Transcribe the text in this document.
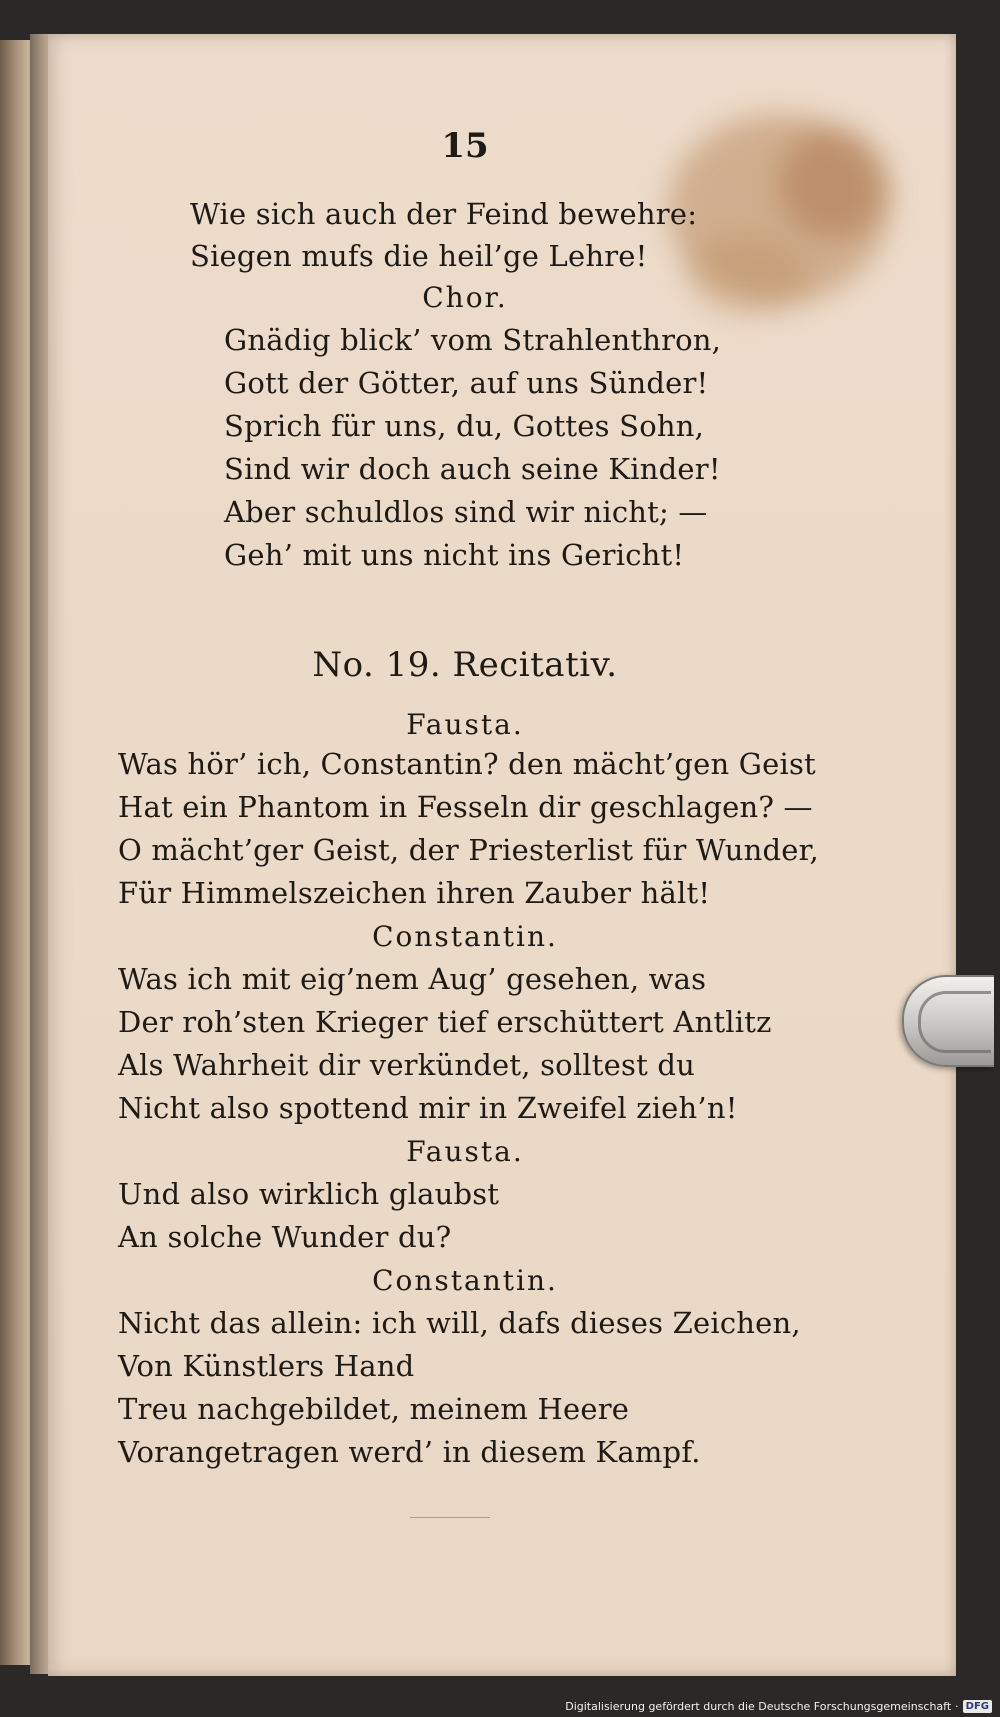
15
Wie sich auch der Feind bewehre:
Siegen mufs die heil’ge Lehre!
Chor.
Gnädig blick’ vom Strahlenthron,
Gott der Götter, auf uns Sünder!
Sprich für uns, du, Gottes Sohn,
Sind wir doch auch seine Kinder!
Aber schuldlos sind wir nicht; —
Geh’ mit uns nicht ins Gericht!
No. 19. Recitativ.
Fausta.
Was hör’ ich, Constantin? den mächt’gen Geist
Hat ein Phantom in Fesseln dir geschlagen? —
O mächt’ger Geist, der Priesterlist für Wunder,
Für Himmelszeichen ihren Zauber hält!
Constantin.
Was ich mit eig’nem Aug’ gesehen, was
Der roh’sten Krieger tief erschüttert Antlitz
Als Wahrheit dir verkündet, solltest du
Nicht also spottend mir in Zweifel zieh’n!
Fausta.
Und also wirklich glaubst
An solche Wunder du?
Constantin.
Nicht das allein: ich will, dafs dieses Zeichen,
Von Künstlers Hand
Treu nachgebildet, meinem Heere
Vorangetragen werd’ in diesem Kampf.
Digitalisierung gefördert durch die Deutsche Forschungsgemeinschaft · DFG
